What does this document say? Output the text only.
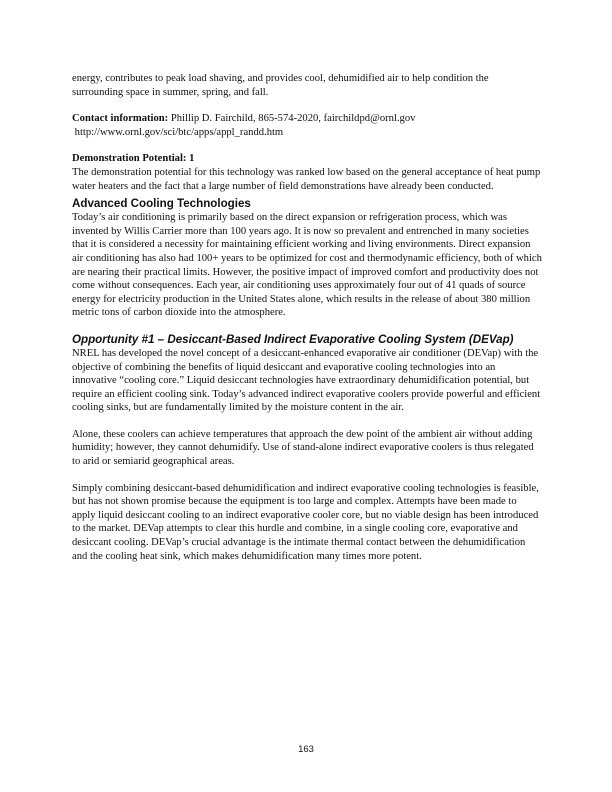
energy, contributes to peak load shaving, and provides cool, dehumidified air to help condition the surrounding space in summer, spring, and fall.

Contact information: Phillip D. Fairchild, 865-574-2020, fairchildpd@ornl.gov

http://www.ornl.gov/sci/btc/apps/appl_randd.htm

Demonstration Potential: 1

The demonstration potential for this technology was ranked low based on the general acceptance of heat pump water heaters and the fact that a large number of field demonstrations have already been conducted.

Advanced Cooling Technologies

Today’s air conditioning is primarily based on the direct expansion or refrigeration process, which was invented by Willis Carrier more than 100 years ago. It is now so prevalent and entrenched in many societies that it is considered a necessity for maintaining efficient working and living environments. Direct expansion air conditioning has also had 100+ years to be optimized for cost and thermodynamic efficiency, both of which are nearing their practical limits. However, the positive impact of improved comfort and productivity does not come without consequences. Each year, air conditioning uses approximately four out of 41 quads of source energy for electricity production in the United States alone, which results in the release of about 380 million metric tons of carbon dioxide into the atmosphere.

Opportunity #1 – Desiccant-Based Indirect Evaporative Cooling System (DEVap)

NREL has developed the novel concept of a desiccant-enhanced evaporative air conditioner (DEVap) with the objective of combining the benefits of liquid desiccant and evaporative cooling technologies into an innovative “cooling core.” Liquid desiccant technologies have extraordinary dehumidification potential, but require an efficient cooling sink. Today’s advanced indirect evaporative coolers provide powerful and efficient cooling sinks, but are fundamentally limited by the moisture content in the air.

Alone, these coolers can achieve temperatures that approach the dew point of the ambient air without adding humidity; however, they cannot dehumidify. Use of stand-alone indirect evaporative coolers is thus relegated to arid or semiarid geographical areas.

Simply combining desiccant-based dehumidification and indirect evaporative cooling technologies is feasible, but has not shown promise because the equipment is too large and complex. Attempts have been made to apply liquid desiccant cooling to an indirect evaporative cooler core, but no viable design has been introduced to the market. DEVap attempts to clear this hurdle and combine, in a single cooling core, evaporative and desiccant cooling. DEVap’s crucial advantage is the intimate thermal contact between the dehumidification and the cooling heat sink, which makes dehumidification many times more potent.

163
